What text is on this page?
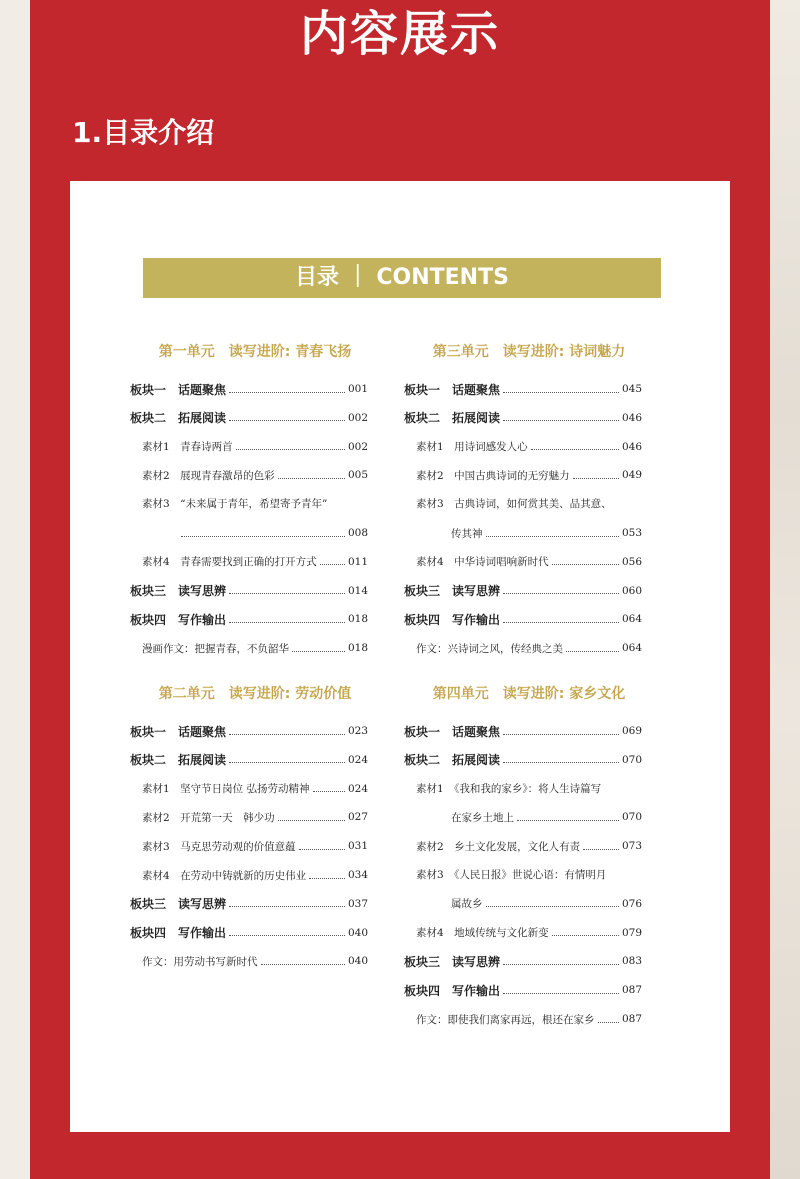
内容展示
1.目录介绍
目录 ｜ CONTENTS
第一单元　读写进阶: 青春飞扬
板块一　话题聚焦	001
板块二　拓展阅读	002
素材1　青春诗两首	002
素材2　展现青春激昂的色彩	005
素材3　“未来属于青年，希望寄予青年”
008
素材4　青春需要找到正确的打开方式	011
板块三　读写思辨	014
板块四　写作输出	018
漫画作文：把握青春，不负韶华	018
第二单元　读写进阶: 劳动价值
板块一　话题聚焦	023
板块二　拓展阅读	024
素材1　坚守节日岗位 弘扬劳动精神	024
素材2　开荒第一天　韩少功	027
素材3　马克思劳动观的价值意蕴	031
素材4　在劳动中铸就新的历史伟业	034
板块三　读写思辨	037
板块四　写作输出	040
作文：用劳动书写新时代	040
第三单元　读写进阶: 诗词魅力
板块一　话题聚焦	045
板块二　拓展阅读	046
素材1　用诗词感发人心	046
素材2　中国古典诗词的无穷魅力	049
素材3　古典诗词，如何赏其美、品其意、
传其神	053
素材4　中华诗词唱响新时代	056
板块三　读写思辨	060
板块四　写作输出	064
作文：兴诗词之风，传经典之美	064
第四单元　读写进阶: 家乡文化
板块一　话题聚焦	069
板块二　拓展阅读	070
素材1　《我和我的家乡》：将人生诗篇写
在家乡土地上	070
素材2　乡土文化发展，文化人有责	073
素材3　《人民日报》世说心语：有情明月
属故乡	076
素材4　地域传统与文化新变	079
板块三　读写思辨	083
板块四　写作输出	087
作文：即使我们离家再远，根还在家乡	087
